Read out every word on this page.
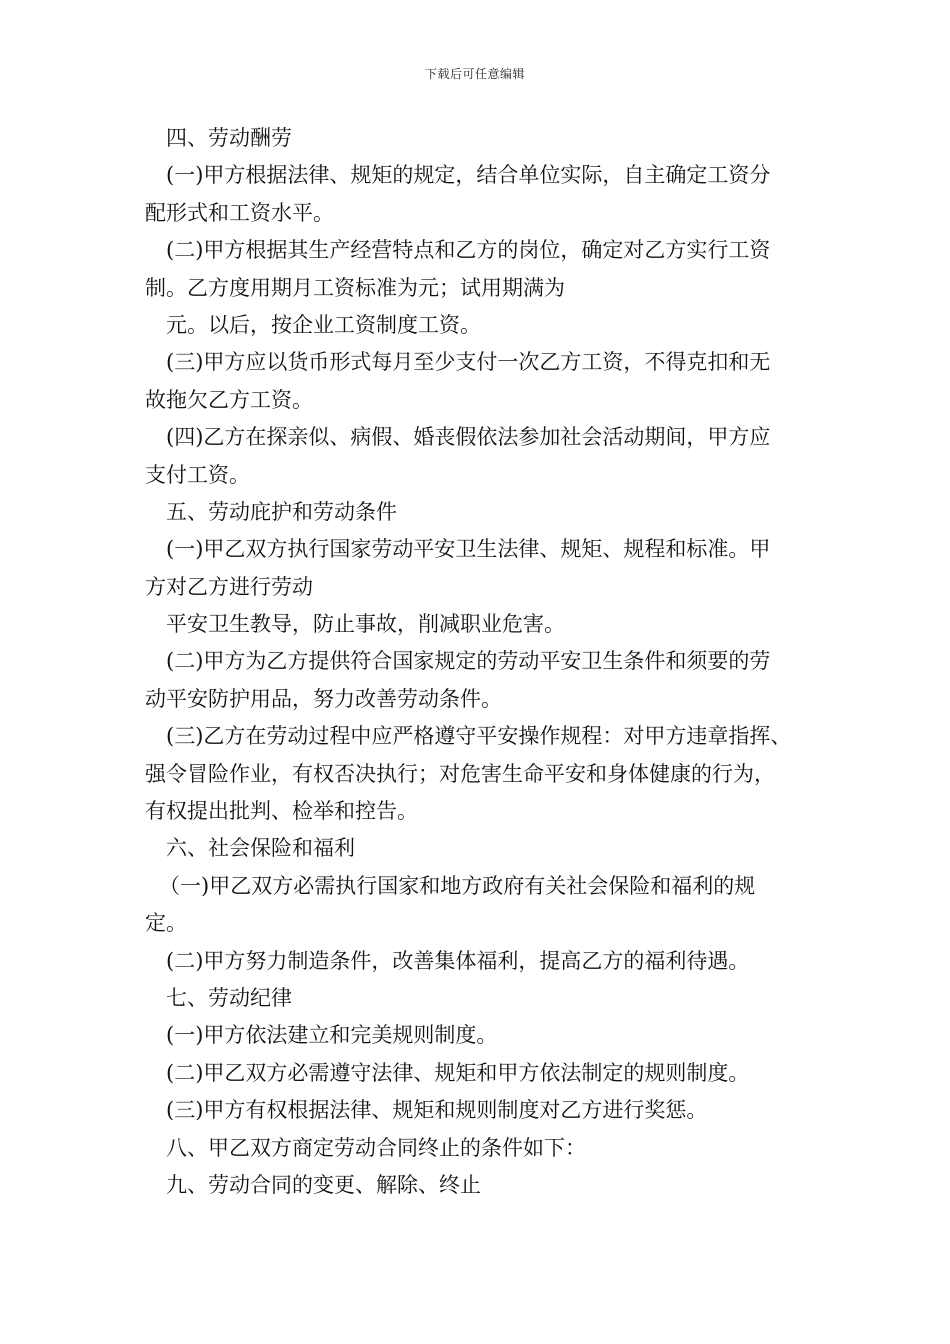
下载后可任意编辑
四、劳动酬劳
(一)甲方根据法律、规矩的规定，结合单位实际，自主确定工资分
配形式和工资水平。
(二)甲方根据其生产经营特点和乙方的岗位，确定对乙方实行工资
制。乙方度用期月工资标准为元；试用期满为
元。以后，按企业工资制度工资。
(三)甲方应以货币形式每月至少支付一次乙方工资，不得克扣和无
故拖欠乙方工资。
(四)乙方在探亲似、病假、婚丧假依法参加社会活动期间，甲方应
支付工资。
五、劳动庇护和劳动条件
(一)甲乙双方执行国家劳动平安卫生法律、规矩、规程和标准。甲
方对乙方进行劳动
平安卫生教导，防止事故，削减职业危害。
(二)甲方为乙方提供符合国家规定的劳动平安卫生条件和须要的劳
动平安防护用品，努力改善劳动条件。
(三)乙方在劳动过程中应严格遵守平安操作规程：对甲方违章指挥、
强令冒险作业，有权否决执行；对危害生命平安和身体健康的行为，
有权提出批判、检举和控告。
六、社会保险和福利
（一)甲乙双方必需执行国家和地方政府有关社会保险和福利的规
定。
(二)甲方努力制造条件，改善集体福利，提高乙方的福利待遇。
七、劳动纪律
(一)甲方依法建立和完美规则制度。
(二)甲乙双方必需遵守法律、规矩和甲方依法制定的规则制度。
(三)甲方有权根据法律、规矩和规则制度对乙方进行奖惩。
八、甲乙双方商定劳动合同终止的条件如下：
九、劳动合同的变更、解除、终止
